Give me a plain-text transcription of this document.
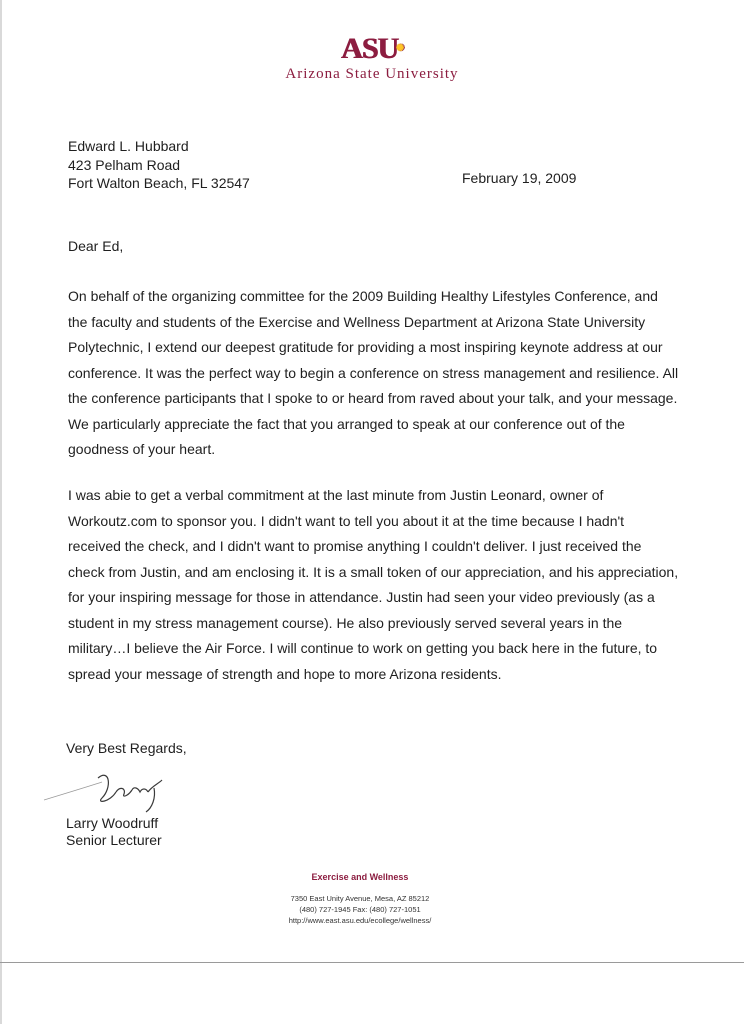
ASU✺
Arizona State University
Edward L. Hubbard
423 Pelham Road
Fort Walton Beach, FL 32547	February 19, 2009
Dear Ed,

On behalf of the organizing committee for the 2009 Building Healthy Lifestyles Conference, and the faculty and students of the Exercise and Wellness Department at Arizona State University Polytechnic, I extend our deepest gratitude for providing a most inspiring keynote address at our conference. It was the perfect way to begin a conference on stress management and resilience. All the conference participants that I spoke to or heard from raved about your talk, and your message. We particularly appreciate the fact that you arranged to speak at our conference out of the goodness of your heart.

I was abie to get a verbal commitment at the last minute from Justin Leonard, owner of Workoutz.com to sponsor you. I didn't want to tell you about it at the time because I hadn't received the check, and I didn't want to promise anything I couldn't deliver. I just received the check from Justin, and am enclosing it. It is a small token of our appreciation, and his appreciation, for your inspiring message for those in attendance. Justin had seen your video previously (as a student in my stress management course). He also previously served several years in the military…I believe the Air Force. I will continue to work on getting you back here in the future, to spread your message of strength and hope to more Arizona residents.

Very Best Regards,
Larry Woodruff
Senior Lecturer
Exercise and Wellness
7350 East Unity Avenue, Mesa, AZ 85212
(480) 727-1945 Fax: (480) 727-1051
http://www.east.asu.edu/ecollege/wellness/
